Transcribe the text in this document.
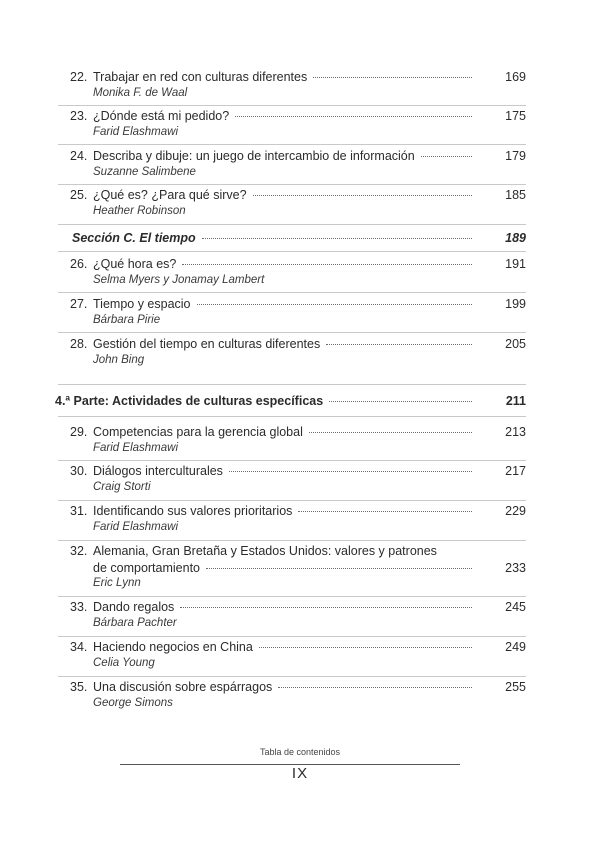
22. Trabajar en red con culturas diferentes	169
Monika F. de Waal
23. ¿Dónde está mi pedido?	175
Farid Elashmawi
24. Describa y dibuje: un juego de intercambio de información	179
Suzanne Salimbene
25. ¿Qué es? ¿Para qué sirve?	185
Heather Robinson
Sección C. El tiempo	189
26. ¿Qué hora es?	191
Selma Myers y Jonamay Lambert
27. Tiempo y espacio	199
Bárbara Pirie
28. Gestión del tiempo en culturas diferentes	205
John Bing
4.ª Parte: Actividades de culturas específicas	211
29. Competencias para la gerencia global	213
Farid Elashmawi
30. Diálogos interculturales	217
Craig Storti
31. Identificando sus valores prioritarios	229
Farid Elashmawi
32. Alemania, Gran Bretaña y Estados Unidos: valores y patrones
de comportamiento	233
Eric Lynn
33. Dando regalos	245
Bárbara Pachter
34. Haciendo negocios en China	249
Celia Young
35. Una discusión sobre espárragos	255
George Simons
Tabla de contenidos
IX
